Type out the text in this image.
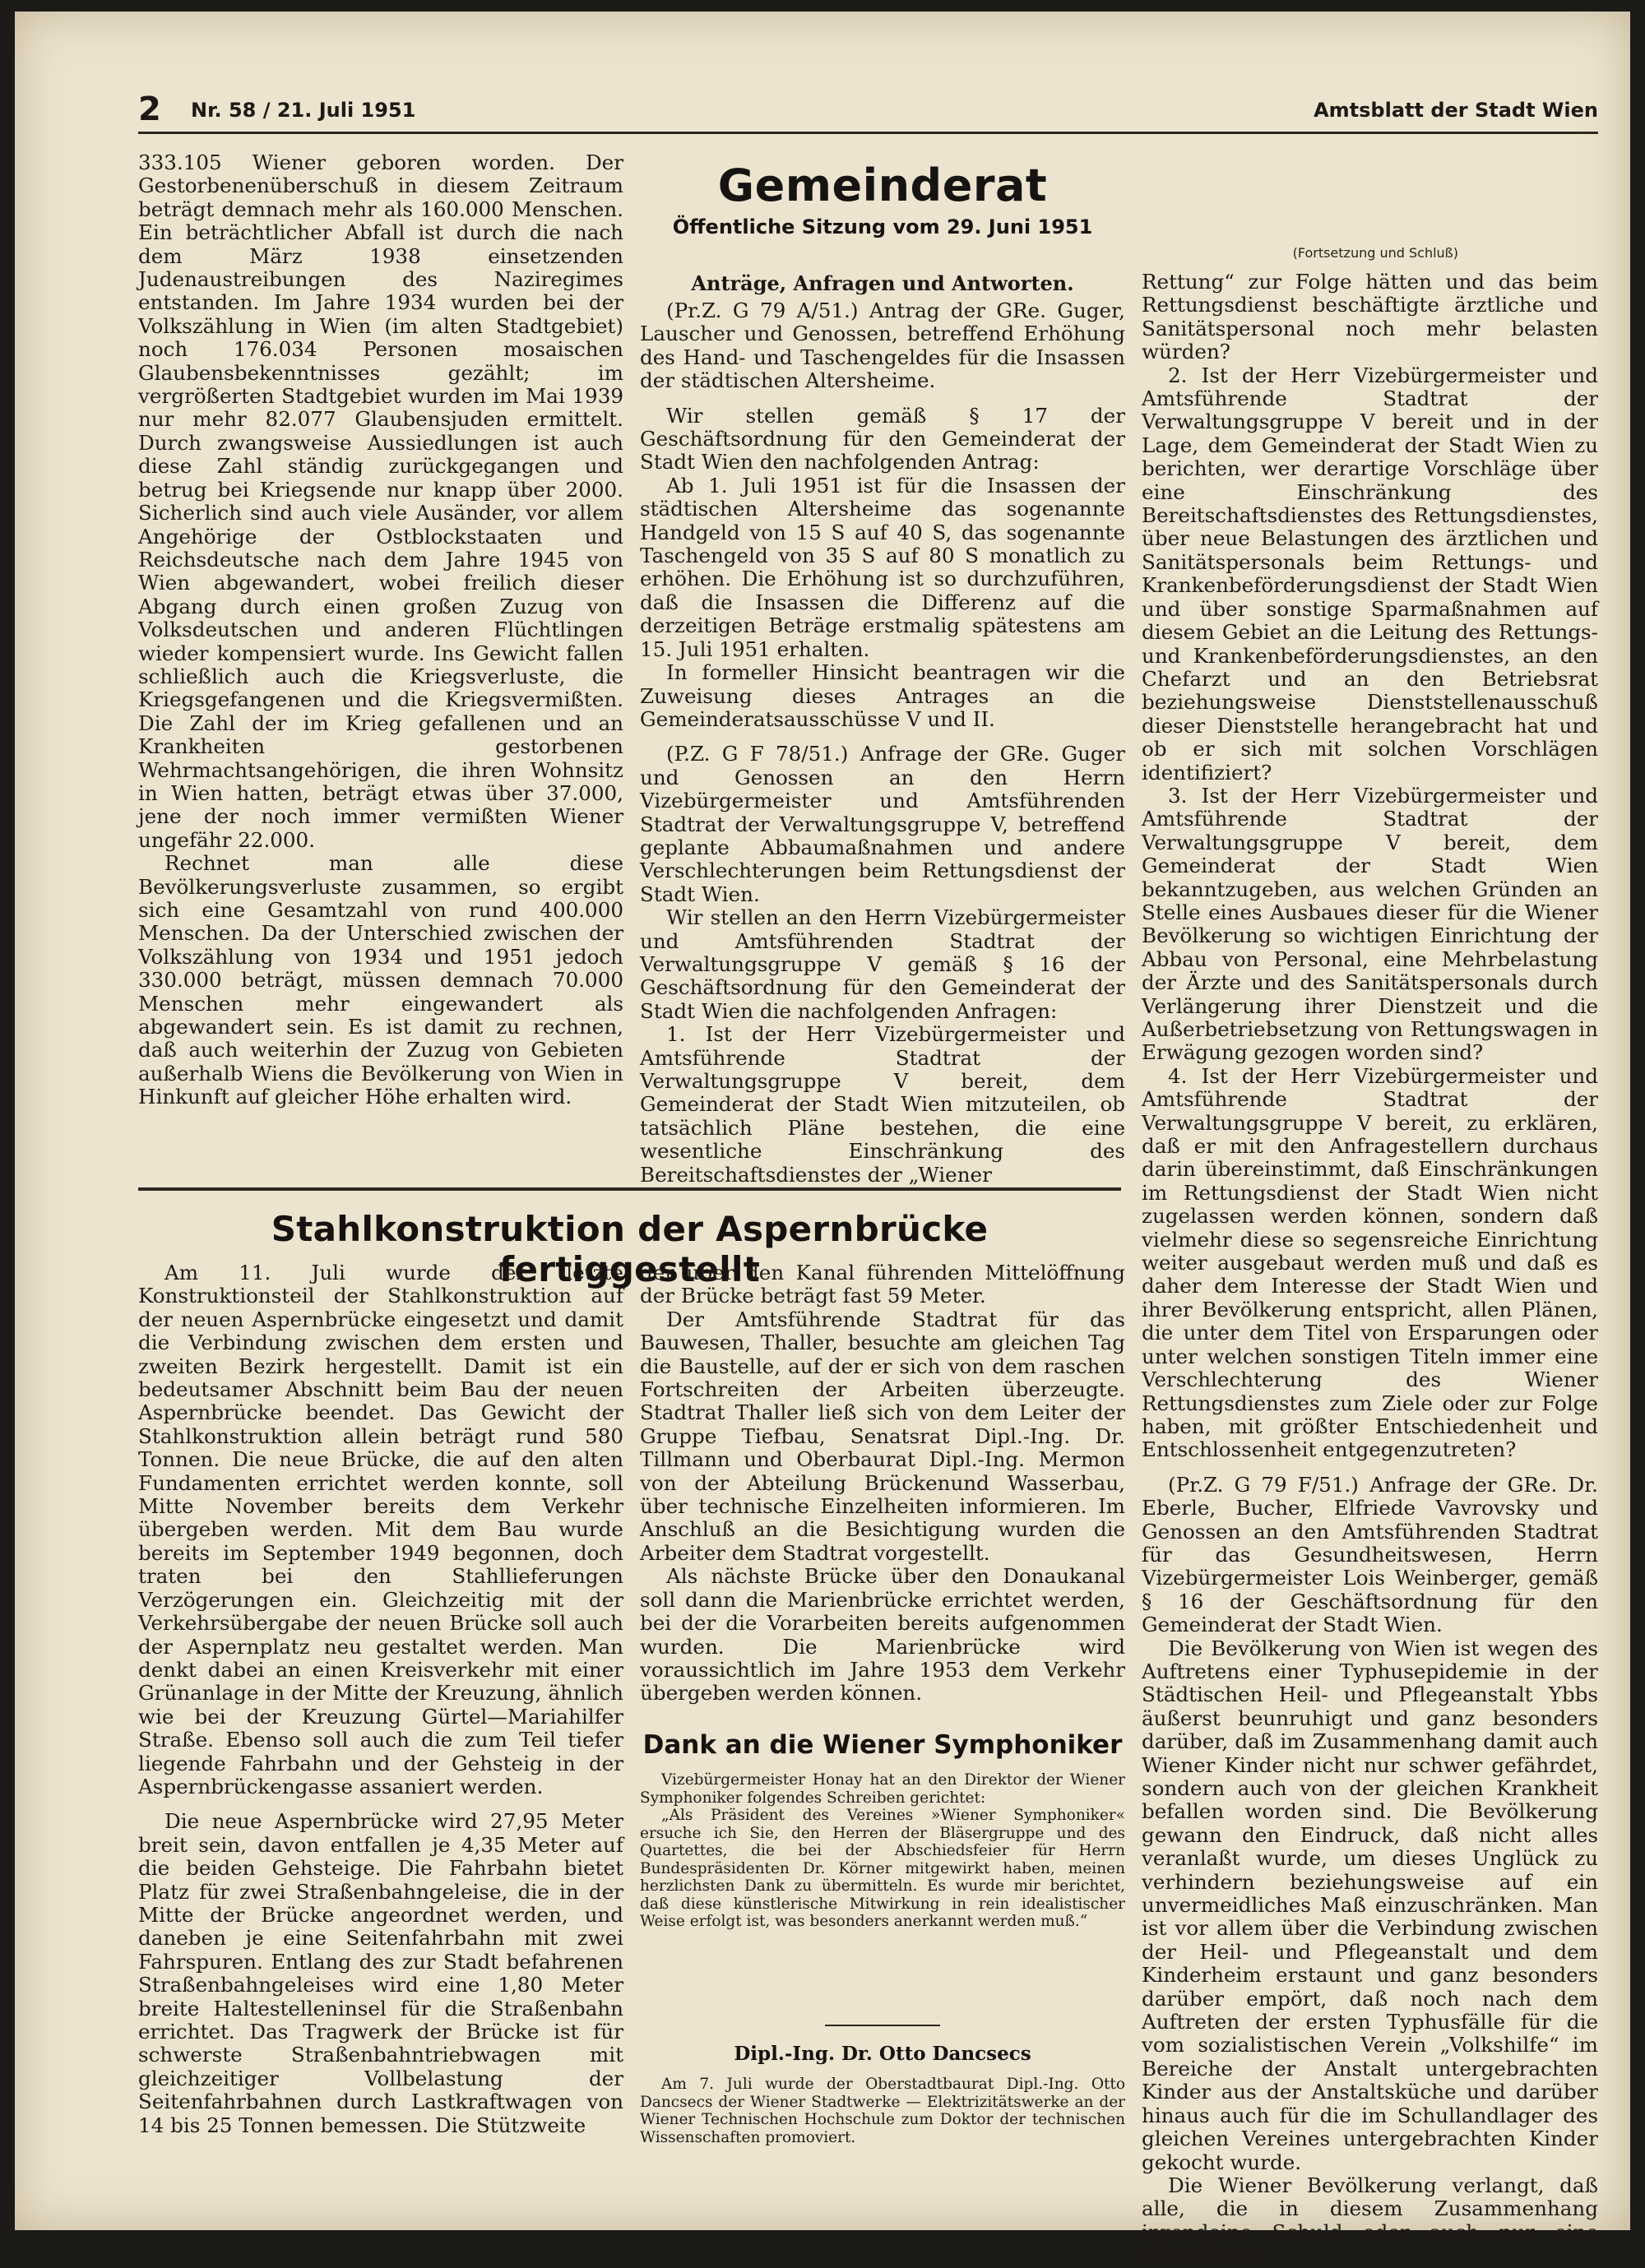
2 Nr. 58 / 21. Juli 1951	Amtsblatt der Stadt Wien

333.105 Wiener geboren worden. Der Gestorbenenüberschuß in diesem Zeitraum beträgt demnach mehr als 160.000 Menschen. Ein beträchtlicher Abfall ist durch die nach dem März 1938 einsetzenden Judenaustreibungen des Naziregimes entstanden. Im Jahre 1934 wurden bei der Volkszählung in Wien (im alten Stadtgebiet) noch 176.034 Personen mosaischen Glaubensbekenntnisses gezählt; im vergrößerten Stadtgebiet wurden im Mai 1939 nur mehr 82.077 Glaubensjuden ermittelt. Durch zwangsweise Aussiedlungen ist auch diese Zahl ständig zurückgegangen und betrug bei Kriegsende nur knapp über 2000. Sicherlich sind auch viele Ausänder, vor allem Angehörige der Ostblockstaaten und Reichsdeutsche nach dem Jahre 1945 von Wien abgewandert, wobei freilich dieser Abgang durch einen großen Zuzug von Volksdeutschen und anderen Flüchtlingen wieder kompensiert wurde. Ins Gewicht fallen schließlich auch die Kriegsverluste, die Kriegsgefangenen und die Kriegsvermißten. Die Zahl der im Krieg gefallenen und an Krankheiten gestorbenen Wehrmachtsangehörigen, die ihren Wohnsitz in Wien hatten, beträgt etwas über 37.000, jene der noch immer vermißten Wiener ungefähr 22.000.

Rechnet man alle diese Bevölkerungsverluste zusammen, so ergibt sich eine Gesamtzahl von rund 400.000 Menschen. Da der Unterschied zwischen der Volkszählung von 1934 und 1951 jedoch 330.000 beträgt, müssen demnach 70.000 Menschen mehr eingewandert als abgewandert sein. Es ist damit zu rechnen, daß auch weiterhin der Zuzug von Gebieten außerhalb Wiens die Bevölkerung von Wien in Hinkunft auf gleicher Höhe erhalten wird.

Gemeinderat
Öffentliche Sitzung vom 29. Juni 1951
(Fortsetzung und Schluß)
Anträge, Anfragen und Antworten.

(Pr.Z. G 79 A/51.) Antrag der GRe. Guger, Lauscher und Genossen, betreffend Erhöhung des Hand- und Taschengeldes für die Insassen der städtischen Altersheime.

Wir stellen gemäß § 17 der Geschäftsordnung für den Gemeinderat der Stadt Wien den nachfolgenden Antrag:

Ab 1. Juli 1951 ist für die Insassen der städtischen Altersheime das sogenannte Handgeld von 15 S auf 40 S, das sogenannte Taschengeld von 35 S auf 80 S monatlich zu erhöhen. Die Erhöhung ist so durchzuführen, daß die Insassen die Differenz auf die derzeitigen Beträge erstmalig spätestens am 15. Juli 1951 erhalten.

In formeller Hinsicht beantragen wir die Zuweisung dieses Antrages an die Gemeinderatsausschüsse V und II.

(P.Z. G F 78/51.) Anfrage der GRe. Guger und Genossen an den Herrn Vizebürgermeister und Amtsführenden Stadtrat der Verwaltungsgruppe V, betreffend geplante Abbaumaßnahmen und andere Verschlechterungen beim Rettungsdienst der Stadt Wien.

Wir stellen an den Herrn Vizebürgermeister und Amtsführenden Stadtrat der Verwaltungsgruppe V gemäß § 16 der Geschäftsordnung für den Gemeinderat der Stadt Wien die nachfolgenden Anfragen:

1. Ist der Herr Vizebürgermeister und Amtsführende Stadtrat der Verwaltungsgruppe V bereit, dem Gemeinderat der Stadt Wien mitzuteilen, ob tatsächlich Pläne bestehen, die eine wesentliche Einschränkung des Bereitschaftsdienstes der „Wiener

Rettung“ zur Folge hätten und das beim Rettungsdienst beschäftigte ärztliche und Sanitätspersonal noch mehr belasten würden?

2. Ist der Herr Vizebürgermeister und Amtsführende Stadtrat der Verwaltungsgruppe V bereit und in der Lage, dem Gemeinderat der Stadt Wien zu berichten, wer derartige Vorschläge über eine Einschränkung des Bereitschaftsdienstes des Rettungsdienstes, über neue Belastungen des ärztlichen und Sanitätspersonals beim Rettungs- und Krankenbeförderungsdienst der Stadt Wien und über sonstige Sparmaßnahmen auf diesem Gebiet an die Leitung des Rettungs- und Krankenbeförderungsdienstes, an den Chefarzt und an den Betriebsrat beziehungsweise Dienststellenausschuß dieser Dienststelle herangebracht hat und ob er sich mit solchen Vorschlägen identifiziert?

3. Ist der Herr Vizebürgermeister und Amtsführende Stadtrat der Verwaltungsgruppe V bereit, dem Gemeinderat der Stadt Wien bekanntzugeben, aus welchen Gründen an Stelle eines Ausbaues dieser für die Wiener Bevölkerung so wichtigen Einrichtung der Abbau von Personal, eine Mehrbelastung der Ärzte und des Sanitätspersonals durch Verlängerung ihrer Dienstzeit und die Außerbetriebsetzung von Rettungswagen in Erwägung gezogen worden sind?

4. Ist der Herr Vizebürgermeister und Amtsführende Stadtrat der Verwaltungsgruppe V bereit, zu erklären, daß er mit den Anfragestellern durchaus darin übereinstimmt, daß Einschränkungen im Rettungsdienst der Stadt Wien nicht zugelassen werden können, sondern daß vielmehr diese so segensreiche Einrichtung weiter ausgebaut werden muß und daß es daher dem Interesse der Stadt Wien und ihrer Bevölkerung entspricht, allen Plänen, die unter dem Titel von Ersparungen oder unter welchen sonstigen Titeln immer eine Verschlechterung des Wiener Rettungsdienstes zum Ziele oder zur Folge haben, mit größter Entschiedenheit und Entschlossenheit entgegenzutreten?

(Pr.Z. G 79 F/51.) Anfrage der GRe. Dr. Eberle, Bucher, Elfriede Vavrovsky und Genossen an den Amtsführenden Stadtrat für das Gesundheitswesen, Herrn Vizebürgermeister Lois Weinberger, gemäß § 16 der Geschäftsordnung für den Gemeinderat der Stadt Wien.

Die Bevölkerung von Wien ist wegen des Auftretens einer Typhusepidemie in der Städtischen Heil- und Pflegeanstalt Ybbs äußerst beunruhigt und ganz besonders darüber, daß im Zusammenhang damit auch Wiener Kinder nicht nur schwer gefährdet, sondern auch von der gleichen Krankheit befallen worden sind. Die Bevölkerung gewann den Eindruck, daß nicht alles veranlaßt wurde, um dieses Unglück zu verhindern beziehungsweise auf ein unvermeidliches Maß einzuschränken. Man ist vor allem über die Verbindung zwischen der Heil- und Pflegeanstalt und dem Kinderheim erstaunt und ganz besonders darüber empört, daß noch nach dem Auftreten der ersten Typhusfälle für die vom sozialistischen Verein „Volkshilfe“ im Bereiche der Anstalt untergebrachten Kinder aus der Anstaltsküche und darüber hinaus auch für die im Schullandlager des gleichen Vereines untergebrachten Kinder gekocht wurde.

Die Wiener Bevölkerung verlangt, daß alle, die in diesem Zusammenhang irgendeine Schuld oder auch nur eine schuldhafte

Stahlkonstruktion der Aspernbrücke fertiggestellt

Am 11. Juli wurde der letzte Konstruktionsteil der Stahlkonstruktion auf der neuen Aspernbrücke eingesetzt und damit die Verbindung zwischen dem ersten und zweiten Bezirk hergestellt. Damit ist ein bedeutsamer Abschnitt beim Bau der neuen Aspernbrücke beendet. Das Gewicht der Stahlkonstruktion allein beträgt rund 580 Tonnen. Die neue Brücke, die auf den alten Fundamenten errichtet werden konnte, soll Mitte November bereits dem Verkehr übergeben werden. Mit dem Bau wurde bereits im September 1949 begonnen, doch traten bei den Stahllieferungen Verzögerungen ein. Gleichzeitig mit der Verkehrsübergabe der neuen Brücke soll auch der Aspernplatz neu gestaltet werden. Man denkt dabei an einen Kreisverkehr mit einer Grünanlage in der Mitte der Kreuzung, ähnlich wie bei der Kreuzung Gürtel—Mariahilfer Straße. Ebenso soll auch die zum Teil tiefer liegende Fahrbahn und der Gehsteig in der Aspernbrückengasse assaniert werden.

Die neue Aspernbrücke wird 27,95 Meter breit sein, davon entfallen je 4,35 Meter auf die beiden Gehsteige. Die Fahrbahn bietet Platz für zwei Straßenbahngeleise, die in der Mitte der Brücke angeordnet werden, und daneben je eine Seitenfahrbahn mit zwei Fahrspuren. Entlang des zur Stadt befahrenen Straßenbahngeleises wird eine 1,80 Meter breite Haltestelleninsel für die Straßenbahn errichtet. Das Tragwerk der Brücke ist für schwerste Straßenbahntriebwagen mit gleichzeitiger Vollbelastung der Seitenfahrbahnen durch Lastkraftwagen von 14 bis 25 Tonnen bemessen. Die Stützweite

der über den Kanal führenden Mittelöffnung der Brücke beträgt fast 59 Meter.

Der Amtsführende Stadtrat für das Bauwesen, Thaller, besuchte am gleichen Tag die Baustelle, auf der er sich von dem raschen Fortschreiten der Arbeiten überzeugte. Stadtrat Thaller ließ sich von dem Leiter der Gruppe Tiefbau, Senatsrat Dipl.-Ing. Dr. Tillmann und Oberbaurat Dipl.-Ing. Mermon von der Abteilung Brückenund Wasserbau, über technische Einzelheiten informieren. Im Anschluß an die Besichtigung wurden die Arbeiter dem Stadtrat vorgestellt.

Als nächste Brücke über den Donaukanal soll dann die Marienbrücke errichtet werden, bei der die Vorarbeiten bereits aufgenommen wurden. Die Marienbrücke wird voraussichtlich im Jahre 1953 dem Verkehr übergeben werden können.

Dank an die Wiener Symphoniker

Vizebürgermeister Honay hat an den Direktor der Wiener Symphoniker folgendes Schreiben gerichtet:

„Als Präsident des Vereines »Wiener Symphoniker« ersuche ich Sie, den Herren der Bläsergruppe und des Quartettes, die bei der Abschiedsfeier für Herrn Bundespräsidenten Dr. Körner mitgewirkt haben, meinen herzlichsten Dank zu übermitteln. Es wurde mir berichtet, daß diese künstlerische Mitwirkung in rein idealistischer Weise erfolgt ist, was besonders anerkannt werden muß.“

Dipl.-Ing. Dr. Otto Dancsecs

Am 7. Juli wurde der Oberstadtbaurat Dipl.-Ing. Otto Dancsecs der Wiener Stadtwerke — Elektrizitätswerke an der Wiener Technischen Hochschule zum Doktor der technischen Wissenschaften promoviert.
